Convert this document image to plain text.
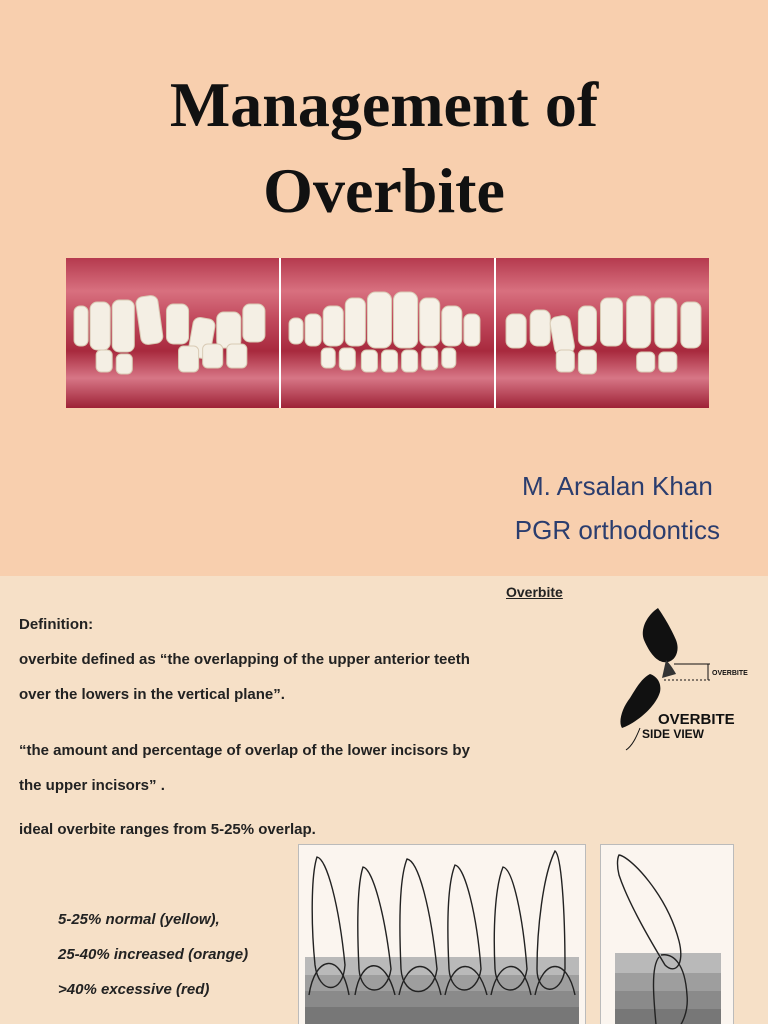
Management of
Overbite
M. Arsalan Khan
PGR orthodontics
Overbite
Definition:
overbite defined as “the overlapping of the upper anterior teeth
over the lowers in the vertical plane”.
“the amount and percentage of overlap of the lower incisors by
the upper incisors” .
ideal overbite ranges from 5-25% overlap.
5-25% normal (yellow),
25-40% increased (orange)
>40% excessive (red)
OVERBITE
OVERBITE
SIDE VIEW
